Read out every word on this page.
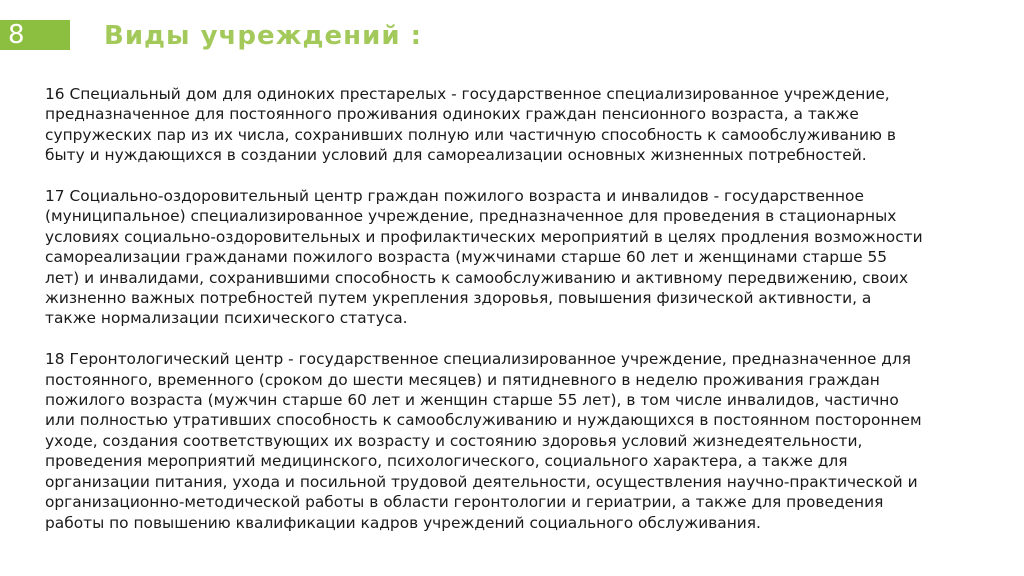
8	Виды учреждений :

16 Специальный дом для одиноких престарелых - государственное специализированное учреждение,
предназначенное для постоянного проживания одиноких граждан пенсионного возраста, а также
супружеских пар из их числа, сохранивших полную или частичную способность к самообслуживанию в
быту и нуждающихся в создании условий для самореализации основных жизненных потребностей.

17 Социально-оздоровительный центр граждан пожилого возраста и инвалидов - государственное
(муниципальное) специализированное учреждение, предназначенное для проведения в стационарных
условиях социально-оздоровительных и профилактических мероприятий в целях продления возможности
самореализации гражданами пожилого возраста (мужчинами старше 60 лет и женщинами старше 55
лет) и инвалидами, сохранившими способность к самообслуживанию и активному передвижению, своих
жизненно важных потребностей путем укрепления здоровья, повышения физической активности, а
также нормализации психического статуса.

18 Геронтологический центр - государственное специализированное учреждение, предназначенное для
постоянного, временного (сроком до шести месяцев) и пятидневного в неделю проживания граждан
пожилого возраста (мужчин старше 60 лет и женщин старше 55 лет), в том числе инвалидов, частично
или полностью утративших способность к самообслуживанию и нуждающихся в постоянном постороннем
уходе, создания соответствующих их возрасту и состоянию здоровья условий жизнедеятельности,
проведения мероприятий медицинского, психологического, социального характера, а также для
организации питания, ухода и посильной трудовой деятельности, осуществления научно-практической и
организационно-методической работы в области геронтологии и гериатрии, а также для проведения
работы по повышению квалификации кадров учреждений социального обслуживания.
